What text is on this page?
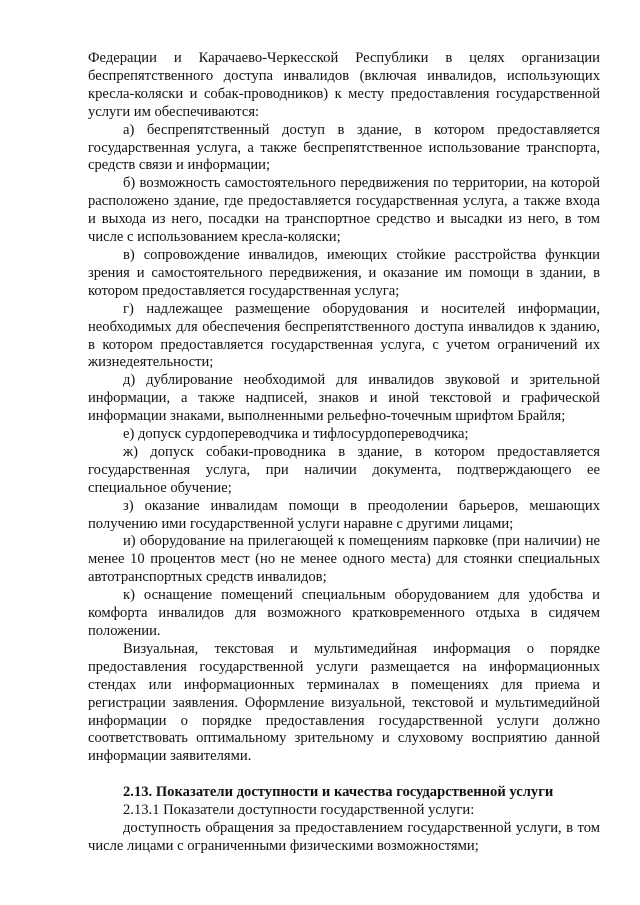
Федерации и Карачаево-Черкесской Республики в целях организации беспрепятственного доступа инвалидов (включая инвалидов, использующих кресла-коляски и собак-проводников) к месту предоставления государственной услуги им обеспечиваются:

а) беспрепятственный доступ в здание, в котором предоставляется государственная услуга, а также беспрепятственное использование транспорта, средств связи и информации;

б) возможность самостоятельного передвижения по территории, на которой расположено здание, где предоставляется государственная услуга, а также входа и выхода из него, посадки на транспортное средство и высадки из него, в том числе с использованием кресла-коляски;

в) сопровождение инвалидов, имеющих стойкие расстройства функции зрения и самостоятельного передвижения, и оказание им помощи в здании, в котором предоставляется государственная услуга;

г) надлежащее размещение оборудования и носителей информации, необходимых для обеспечения беспрепятственного доступа инвалидов к зданию, в котором предоставляется государственная услуга, с учетом ограничений их жизнедеятельности;

д) дублирование необходимой для инвалидов звуковой и зрительной информации, а также надписей, знаков и иной текстовой и графической информации знаками, выполненными рельефно-точечным шрифтом Брайля;

е) допуск сурдопереводчика и тифлосурдопереводчика;

ж) допуск собаки-проводника в здание, в котором предоставляется государственная услуга, при наличии документа, подтверждающего ее специальное обучение;

з) оказание инвалидам помощи в преодолении барьеров, мешающих получению ими государственной услуги наравне с другими лицами;

и) оборудование на прилегающей к помещениям парковке (при наличии) не менее 10 процентов мест (но не менее одного места) для стоянки специальных автотранспортных средств инвалидов;

к) оснащение помещений специальным оборудованием для удобства и комфорта инвалидов для возможного кратковременного отдыха в сидячем положении.

Визуальная, текстовая и мультимедийная информация о порядке предоставления государственной услуги размещается на информационных стендах или информационных терминалах в помещениях для приема и регистрации заявления. Оформление визуальной, текстовой и мультимедийной информации о порядке предоставления государственной услуги должно соответствовать оптимальному зрительному и слуховому восприятию данной информации заявителями.

2.13. Показатели доступности и качества государственной услуги

2.13.1 Показатели доступности государственной услуги:

доступность обращения за предоставлением государственной услуги, в том числе лицами с ограниченными физическими возможностями;
